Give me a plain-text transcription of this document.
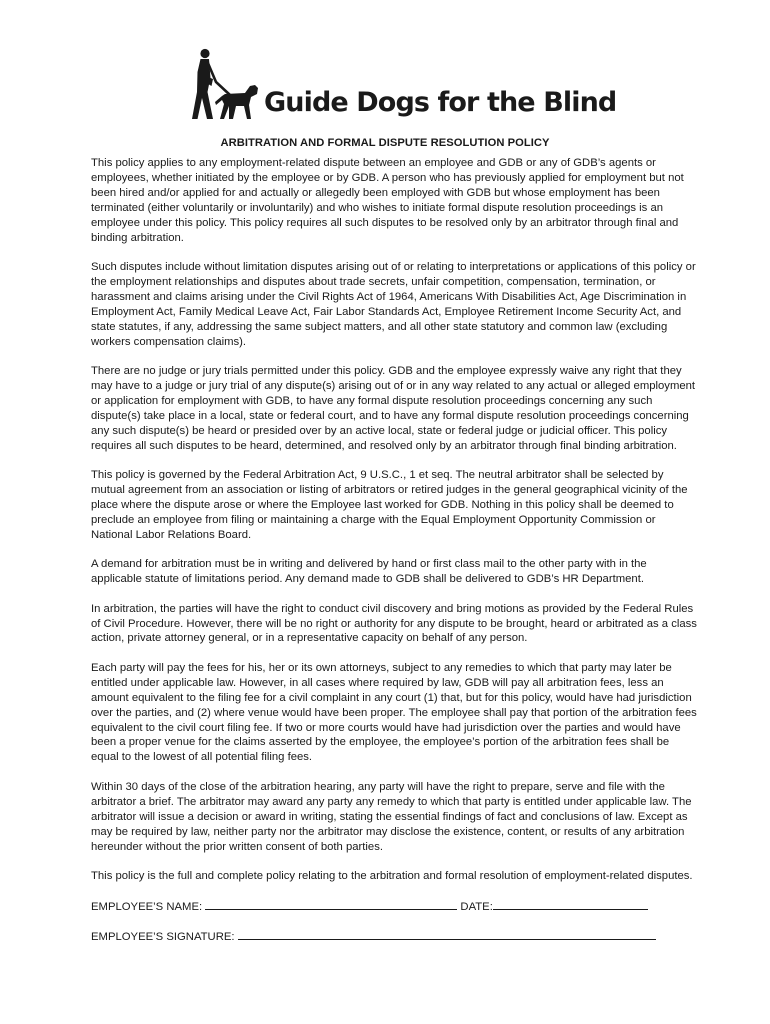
Guide Dogs for the Blind
ARBITRATION AND FORMAL DISPUTE RESOLUTION POLICY

This policy applies to any employment-related dispute between an employee and GDB or any of GDB’s agents or employees, whether initiated by the employee or by GDB. A person who has previously applied for employment but not been hired and/or applied for and actually or allegedly been employed with GDB but whose employment has been terminated (either voluntarily or involuntarily) and who wishes to initiate formal dispute resolution proceedings is an employee under this policy. This policy requires all such disputes to be resolved only by an arbitrator through final and binding arbitration.

Such disputes include without limitation disputes arising out of or relating to interpretations or applications of this policy or the employment relationships and disputes about trade secrets, unfair competition, compensation, termination, or harassment and claims arising under the Civil Rights Act of 1964, Americans With Disabilities Act, Age Discrimination in Employment Act, Family Medical Leave Act, Fair Labor Standards Act, Employee Retirement Income Security Act, and state statutes, if any, addressing the same subject matters, and all other state statutory and common law (excluding workers compensation claims).

There are no judge or jury trials permitted under this policy. GDB and the employee expressly waive any right that they may have to a judge or jury trial of any dispute(s) arising out of or in any way related to any actual or alleged employment or application for employment with GDB, to have any formal dispute resolution proceedings concerning any such dispute(s) take place in a local, state or federal court, and to have any formal dispute resolution proceedings concerning any such dispute(s) be heard or presided over by an active local, state or federal judge or judicial officer. This policy requires all such disputes to be heard, determined, and resolved only by an arbitrator through final binding arbitration.

This policy is governed by the Federal Arbitration Act, 9 U.S.C., 1 et seq. The neutral arbitrator shall be selected by mutual agreement from an association or listing of arbitrators or retired judges in the general geographical vicinity of the place where the dispute arose or where the Employee last worked for GDB. Nothing in this policy shall be deemed to preclude an employee from filing or maintaining a charge with the Equal Employment Opportunity Commission or National Labor Relations Board.

A demand for arbitration must be in writing and delivered by hand or first class mail to the other party with in the applicable statute of limitations period. Any demand made to GDB shall be delivered to GDB’s HR Department.

In arbitration, the parties will have the right to conduct civil discovery and bring motions as provided by the Federal Rules of Civil Procedure. However, there will be no right or authority for any dispute to be brought, heard or arbitrated as a class action, private attorney general, or in a representative capacity on behalf of any person.

Each party will pay the fees for his, her or its own attorneys, subject to any remedies to which that party may later be entitled under applicable law. However, in all cases where required by law, GDB will pay all arbitration fees, less an amount equivalent to the filing fee for a civil complaint in any court (1) that, but for this policy, would have had jurisdiction over the parties, and (2) where venue would have been proper. The employee shall pay that portion of the arbitration fees equivalent to the civil court filing fee. If two or more courts would have had jurisdiction over the parties and would have been a proper venue for the claims asserted by the employee, the employee’s portion of the arbitration fees shall be equal to the lowest of all potential filing fees.

Within 30 days of the close of the arbitration hearing, any party will have the right to prepare, serve and file with the arbitrator a brief. The arbitrator may award any party any remedy to which that party is entitled under applicable law. The arbitrator will issue a decision or award in writing, stating the essential findings of fact and conclusions of law. Except as may be required by law, neither party nor the arbitrator may disclose the existence, content, or results of any arbitration hereunder without the prior written consent of both parties.

This policy is the full and complete policy relating to the arbitration and formal resolution of employment-related disputes.

EMPLOYEE’S NAME:	DATE:
EMPLOYEE’S SIGNATURE:
